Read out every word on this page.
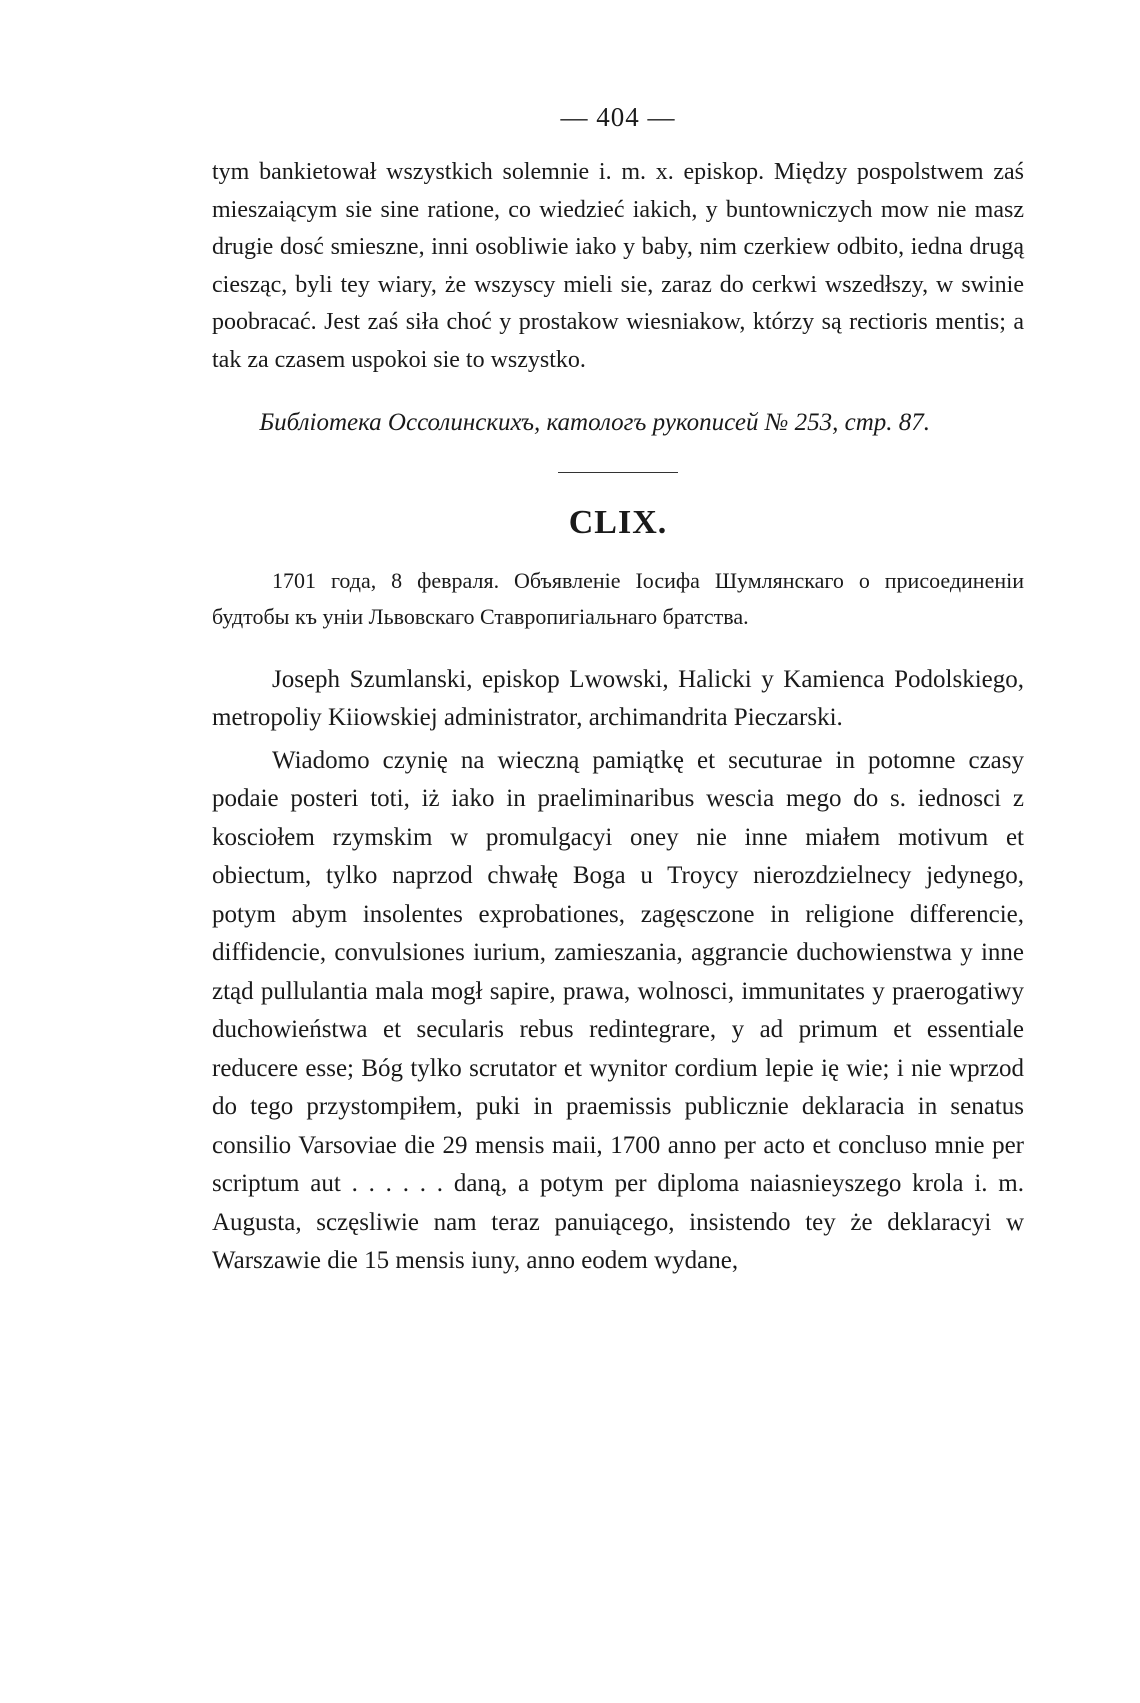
— 404 —

tym bankietował wszystkich solemnie i. m. x. episkop. Między pospolstwem zaś mieszaiącym sie sine ratione, co wiedzieć iakich, y buntowniczych mow nie masz drugie dosć smieszne, inni osobliwie iako y baby, nim czerkiew odbito, iedna drugą ciesząc, byli tey wiary, że wszyscy mieli sie, zaraz do cerkwi wszedłszy, w swinie poobracać. Jest zaś siła choć y prostakow wiesniakow, którzy są rectioris mentis; a tak za czasem uspokoi sie to wszystko.

Библіотека Оссолинскихъ, катологъ рукописей № 253, стр. 87.

CLIX.

1701 года, 8 февраля. Объявленіе Іосифа Шумлянскаго о присоединеніи будтобы къ уніи Львовскаго Ставропигіальнаго братства.

Joseph Szumlanski, episkop Lwowski, Halicki y Kamienca Podolskiego, metropoliy Kiiowskiej administrator, archimandrita Pieczarski.

Wiadomo czynię na wieczną pamiątkę et secuturae in potomne czasy podaie posteri toti, iż iako in praeliminaribus wescia mego do s. iednosci z kosciołem rzymskim w promulgacyi oney nie inne miałem motivum et obiectum, tylko naprzod chwałę Boga u Troycy nierozdzielnecy jedynego, potym abym insolentes exprobationes, zagęsczone in religione differencie, diffidencie, convulsiones iurium, zamieszania, aggrancie duchowienstwa y inne ztąd pullulantia mala mogł sapire, prawa, wolnosci, immunitates y praerogatiwy duchowieństwa et secularis rebus redintegrare, y ad primum et essentiale reducere esse; Bóg tylko scrutator et wynitor cordium lepie ię wie; i nie wprzod do tego przystompiłem, puki in praemissis publicznie deklaracia in senatus consilio Varsoviae die 29 mensis maii, 1700 anno per acto et concluso mnie per scriptum aut . . . . . . daną, a potym per diploma naiasnieyszego krola i. m. Augusta, sczęsliwie nam teraz panuiącego, insistendo tey że deklaracyi w Warszawie die 15 mensis iuny, anno eodem wydane,
